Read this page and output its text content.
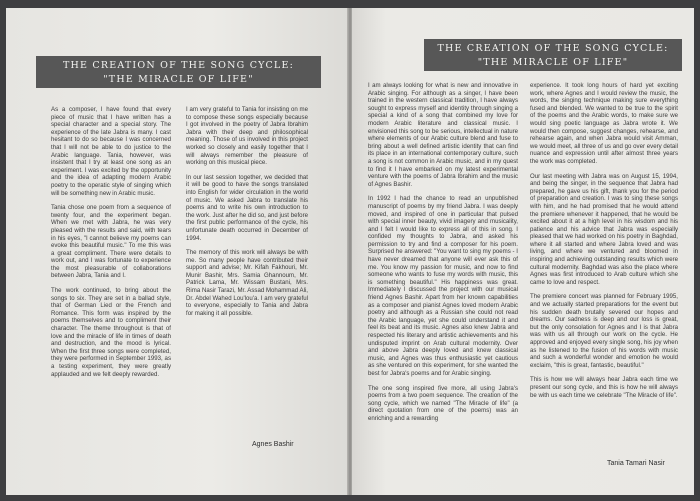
THE CREATION OF THE SONG CYCLE:
"THE MIRACLE OF LIFE"

As a composer, I have found that every piece of music that I have written has a special character and a special story. The experience of the late Jabra is many. I cast hesitant to do so because I was concerned that I will not be able to do justice to the Arabic language. Tania, however, was insistent that I try at least one song as an experiment. I was excited by the opportunity and the idea of adapting modern Arabic poetry to the operatic style of singing which will be something new in Arabic music.

Tania chose one poem from a sequence of twenty four, and the experiment began. When we met with Jabra, he was very pleased with the results and said, with tears in his eyes, "I cannot believe my poems can evoke this beautiful music." To me this was a great compliment. There were details to work out, and I was fortunate to experience the most pleasurable of collaborations between Jabra, Tania and I.

The work continued, to bring about the songs to six. They are set in a ballad style, that of German Lied or the French and Romance. This form was inspired by the poems themselves and to compliment their character. The theme throughout is that of love and the miracle of life in times of death and destruction, and the mood is lyrical. When the first three songs were completed, they were performed in September 1993, as a testing experiment, they were greatly applauded and we felt deeply rewarded.

I am very grateful to Tania for insisting on me to compose these songs especially because I got involved in the poetry of Jabra Ibrahim Jabra with their deep and philosophical meaning. Those of us involved in this project worked so closely and easily together that I will always remember the pleasure of working on this musical piece.

In our last session together, we decided that it will be good to have the songs translated into English for wider circulation in the world of music. We asked Jabra to translate his poems and to write his own introduction to the work. Just after he did so, and just before the first public performance of the cycle, his unfortunate death occurred in December of 1994.

The memory of this work will always be with me. So many people have contributed their support and advise; Mr. Kifah Fakhouri, Mr. Munir Bashir, Mrs. Samia Ghannoum, Mr. Patrick Lama, Mr. Wissam Bustani, Mrs. Rima Nasir Tarazi, Mr. Assad Mohammad Ali, Dr. Abdel Wahed Lou'lou'a. I am very grateful to everyone, especially to Tania and Jabra for making it all possible.

Agnes Bashir
THE CREATION OF THE SONG CYCLE:
"THE MIRACLE OF LIFE"

I am always looking for what is new and innovative in Arabic singing. For although as a singer, I have been trained in the western classical tradition, I have always sought to express myself and identity through singing a special a kind of a song that combined my love for modern Arabic literature and classical music. I envisioned this song to be serious, intellectual in nature where elements of our Arabic culture blend and fuse to bring about a well defined artistic identity that can find its place in an international contemporary culture, such a song is not common in Arabic music, and in my quest to find it I have embarked on my latest experimental venture with the poems of Jabra Ibrahim and the music of Agnes Bashir.

In 1992 I had the chance to read an unpublished manuscript of poems by my friend Jabra. I was deeply moved, and inspired of one in particular that pulsed with special inner beauty, vivid imagery and musicality, and I felt I would like to express all of this in song. I confided my thoughts to Jabra, and asked his permission to try and find a composer for his poem. Surprised he answered: "You want to sing my poems - I have never dreamed that anyone will ever ask this of me. You know my passion for music, and now to find someone who wants to fuse my words with music, this is something beautiful." His happiness was great. Immediately I discussed the project with our musical friend Agnes Bashir. Apart from her known capabilities as a composer and pianist Agnes loved modern Arabic poetry and although as a Russian she could not read the Arabic language, yet she could understand it and feel its beat and its music. Agnes also knew Jabra and respected his literary and artistic achievements and his undisputed imprint on Arab cultural modernity. Over and above Jabra deeply loved and knew classical music, and Agnes was thus enthusiastic yet cautious as she ventured on this experiment, for she wanted the best for Jabra's poems and for Arabic singing.

The one song inspired five more, all using Jabra's poems from a two poem sequence. The creation of the song cycle, which we named "The Miracle of life" (a direct quotation from one of the poems) was an enriching and a rewarding

experience. It took long hours of hard yet exciting work, where Agnes and I would review the music, the words, the singing technique making sure everything fused and blended. We wanted to be true to the spirit of the poems and the Arabic words, to make sure we would sing poetic language as Jabra wrote it. We would then compose, suggest changes, rehearse, and rehearse again, and when Jabra would visit Amman, we would meet, all three of us and go over every detail nuance and expression until after almost three years the work was completed.

Our last meeting with Jabra was on August 15, 1994, and being the singer, in the sequence that Jabra had prepared, he gave us his gift, thank you for the period of preparation and creation. I was to sing these songs with him, and he had promised that he would attend the premiere whenever it happened, that he would be excited about it at a high level in his wisdom and his patience and his advice that Jabra was especially pleased that we had worked on his poetry in Baghdad, where it all started and where Jabra loved and was living, and where we ventured and bloomed in inspiring and achieving outstanding results which were cultural modernity. Baghdad was also the place where Agnes was first introduced to Arab culture which she came to love and respect.

The premiere concert was planned for February 1995, and we actually started preparations for the event but his sudden death brutally severed our hopes and dreams. Our sadness is deep and our loss is great, but the only consolation for Agnes and I is that Jabra was with us all through our work on the cycle. He approved and enjoyed every single song, his joy when as he listened to the fusion of his words with music and such a wonderful wonder and emotion he would exclaim, "this is great, fantastic, beautiful."

This is how we will always hear Jabra each time we present our song cycle, and this is how he will always be with us each time we celebrate "The Miracle of life".

Tania Tamari Nasir
